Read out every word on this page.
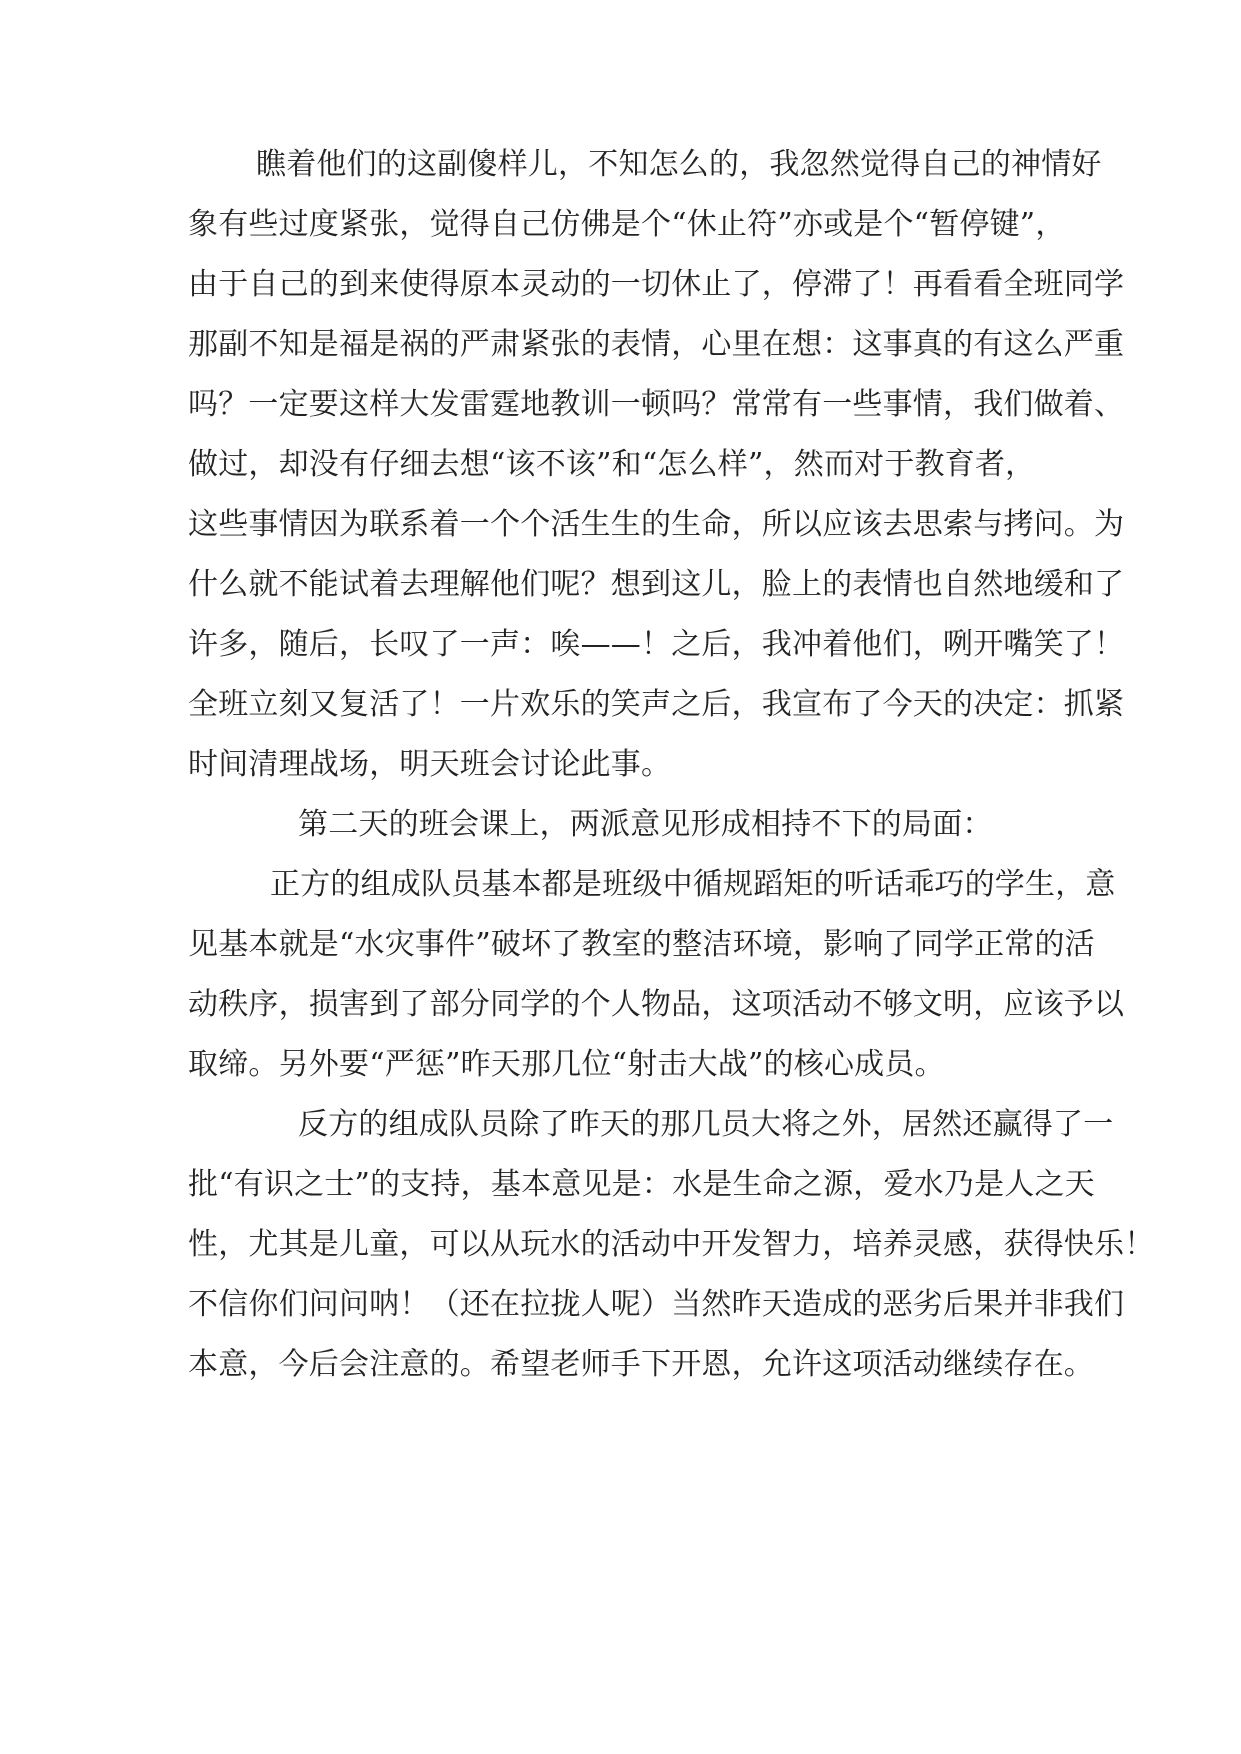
瞧着他们的这副傻样儿，不知怎么的，我忽然觉得自己的神情好
象有些过度紧张，觉得自己仿佛是个“休止符”亦或是个“暂停键”，
由于自己的到来使得原本灵动的一切休止了，停滞了！再看看全班同学
那副不知是福是祸的严肃紧张的表情，心里在想：这事真的有这么严重
吗？一定要这样大发雷霆地教训一顿吗？常常有一些事情，我们做着、
做过，却没有仔细去想“该不该”和“怎么样”，然而对于教育者，
这些事情因为联系着一个个活生生的生命，所以应该去思索与拷问。为
什么就不能试着去理解他们呢？想到这儿，脸上的表情也自然地缓和了
许多，随后，长叹了一声：唉——！之后，我冲着他们，咧开嘴笑了！
全班立刻又复活了！一片欢乐的笑声之后，我宣布了今天的决定：抓紧
时间清理战场，明天班会讨论此事。
第二天的班会课上，两派意见形成相持不下的局面：
正方的组成队员基本都是班级中循规蹈矩的听话乖巧的学生，意
见基本就是“水灾事件”破坏了教室的整洁环境，影响了同学正常的活
动秩序，损害到了部分同学的个人物品，这项活动不够文明，应该予以
取缔。另外要“严惩”昨天那几位“射击大战”的核心成员。
反方的组成队员除了昨天的那几员大将之外，居然还赢得了一
批“有识之士”的支持，基本意见是：水是生命之源，爱水乃是人之天
性，尤其是儿童，可以从玩水的活动中开发智力，培养灵感，获得快乐！
不信你们问问呐！（还在拉拢人呢）当然昨天造成的恶劣后果并非我们
本意，今后会注意的。希望老师手下开恩，允许这项活动继续存在。
